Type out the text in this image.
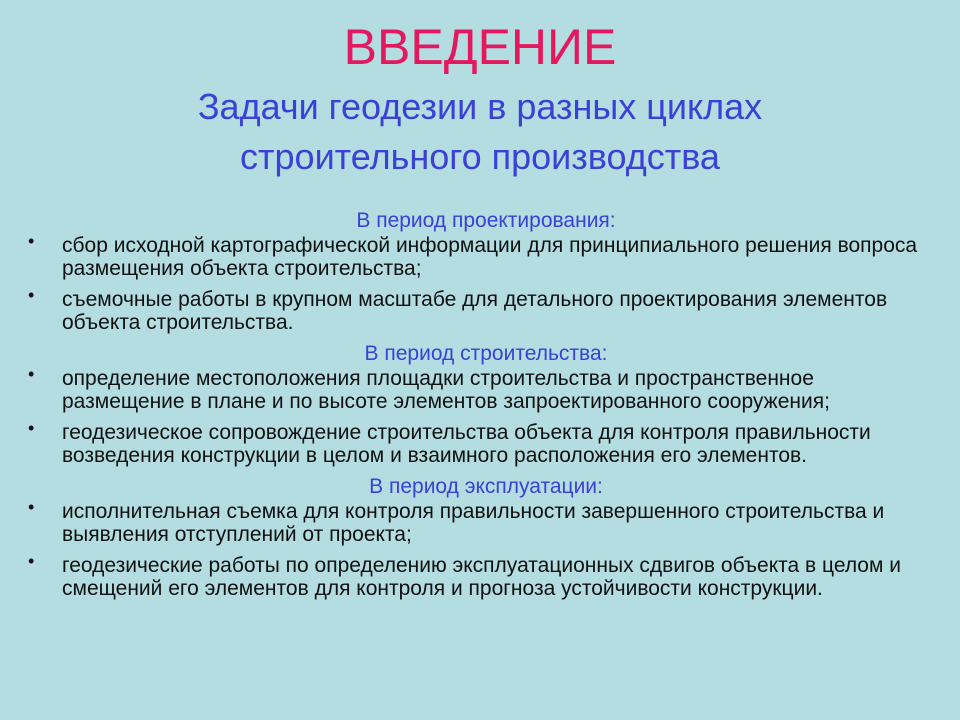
ВВЕДЕНИЕ
Задачи геодезии в разных циклах
строительного производства

В период проектирования:

• сбор исходной картографической информации для принципиального решения вопроса размещения объекта строительства;
• съемочные работы в крупном масштабе для детального проектирования элементов объекта строительства.

В период строительства:

• определение местоположения площадки строительства и пространственное размещение в плане и по высоте элементов запроектированного сооружения;
• геодезическое сопровождение строительства объекта для контроля правильности возведения конструкции в целом и взаимного расположения его элементов.

В период эксплуатации:

• исполнительная съемка для контроля правильности завершенного строительства и выявления отступлений от проекта;
• геодезические работы по определению эксплуатационных сдвигов объекта в целом и смещений его элементов для контроля и прогноза устойчивости конструкции.
